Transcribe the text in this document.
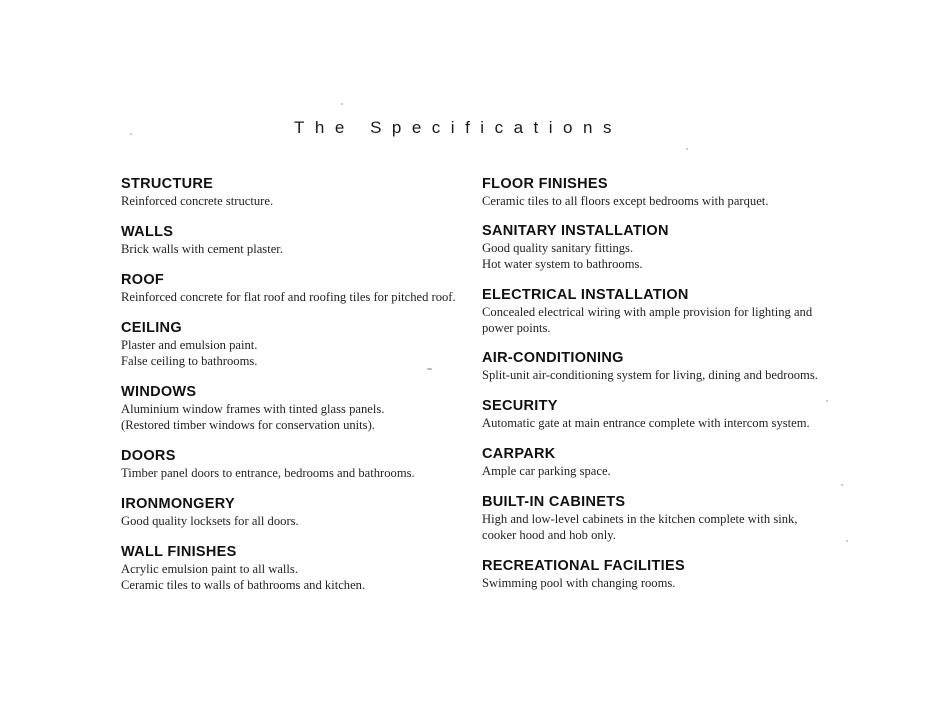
The Specifications
STRUCTURE
Reinforced concrete structure.
WALLS
Brick walls with cement plaster.
ROOF
Reinforced concrete for flat roof and roofing tiles for pitched roof.
CEILING
Plaster and emulsion paint.
False ceiling to bathrooms.
WINDOWS
Aluminium window frames with tinted glass panels.
(Restored timber windows for conservation units).
DOORS
Timber panel doors to entrance, bedrooms and bathrooms.
IRONMONGERY
Good quality locksets for all doors.
WALL FINISHES
Acrylic emulsion paint to all walls.
Ceramic tiles to walls of bathrooms and kitchen.
FLOOR FINISHES
Ceramic tiles to all floors except bedrooms with parquet.
SANITARY INSTALLATION
Good quality sanitary fittings.
Hot water system to bathrooms.
ELECTRICAL INSTALLATION
Concealed electrical wiring with ample provision for lighting and
power points.
AIR-CONDITIONING
Split-unit air-conditioning system for living, dining and bedrooms.
SECURITY
Automatic gate at main entrance complete with intercom system.
CARPARK
Ample car parking space.
BUILT-IN CABINETS
High and low-level cabinets in the kitchen complete with sink,
cooker hood and hob only.
RECREATIONAL FACILITIES
Swimming pool with changing rooms.
